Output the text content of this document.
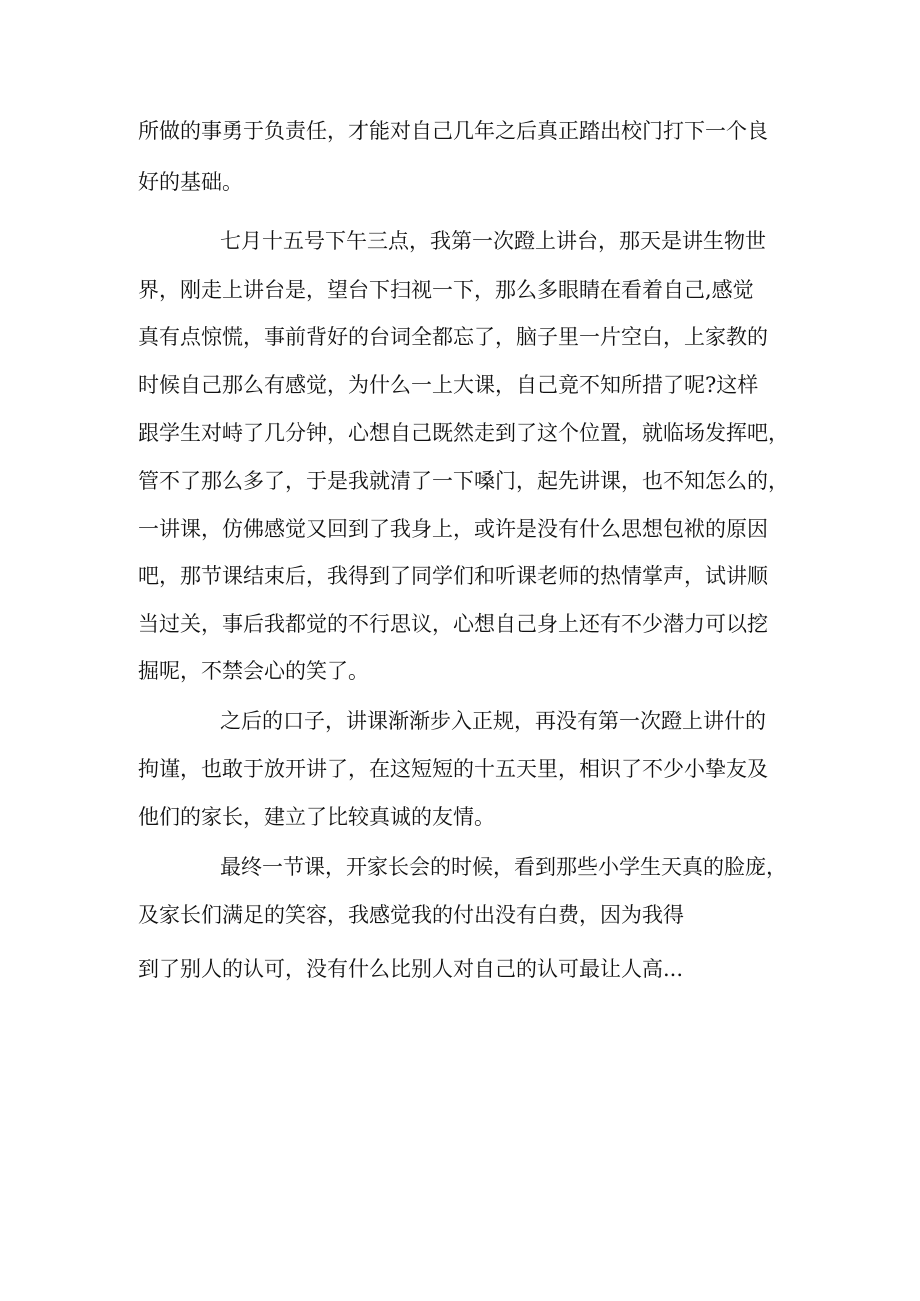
所做的事勇于负责任，才能对自己几年之后真正踏出校门打下一个良
好的基础。
七月十五号下午三点，我第一次蹬上讲台，那天是讲生物世
界，刚走上讲台是，望台下扫视一下，那么多眼睛在看着自己,感觉
真有点惊慌，事前背好的台词全都忘了，脑子里一片空白，上家教的
时候自己那么有感觉，为什么一上大课，自己竟不知所措了呢?这样
跟学生对峙了几分钟，心想自己既然走到了这个位置，就临场发挥吧，
管不了那么多了，于是我就清了一下嗓门，起先讲课，也不知怎么的，
一讲课，仿佛感觉又回到了我身上，或许是没有什么思想包袱的原因
吧，那节课结束后，我得到了同学们和听课老师的热情掌声，试讲顺
当过关，事后我都觉的不行思议，心想自己身上还有不少潜力可以挖
掘呢，不禁会心的笑了。
之后的口子，讲课渐渐步入正规，再没有第一次蹬上讲什的
拘谨，也敢于放开讲了，在这短短的十五天里，相识了不少小挚友及
他们的家长，建立了比较真诚的友情。
最终一节课，开家长会的时候，看到那些小学生天真的脸庞，
及家长们满足的笑容，我感觉我的付出没有白费，因为我得
到了别人的认可，没有什么比别人对自己的认可最让人高...
